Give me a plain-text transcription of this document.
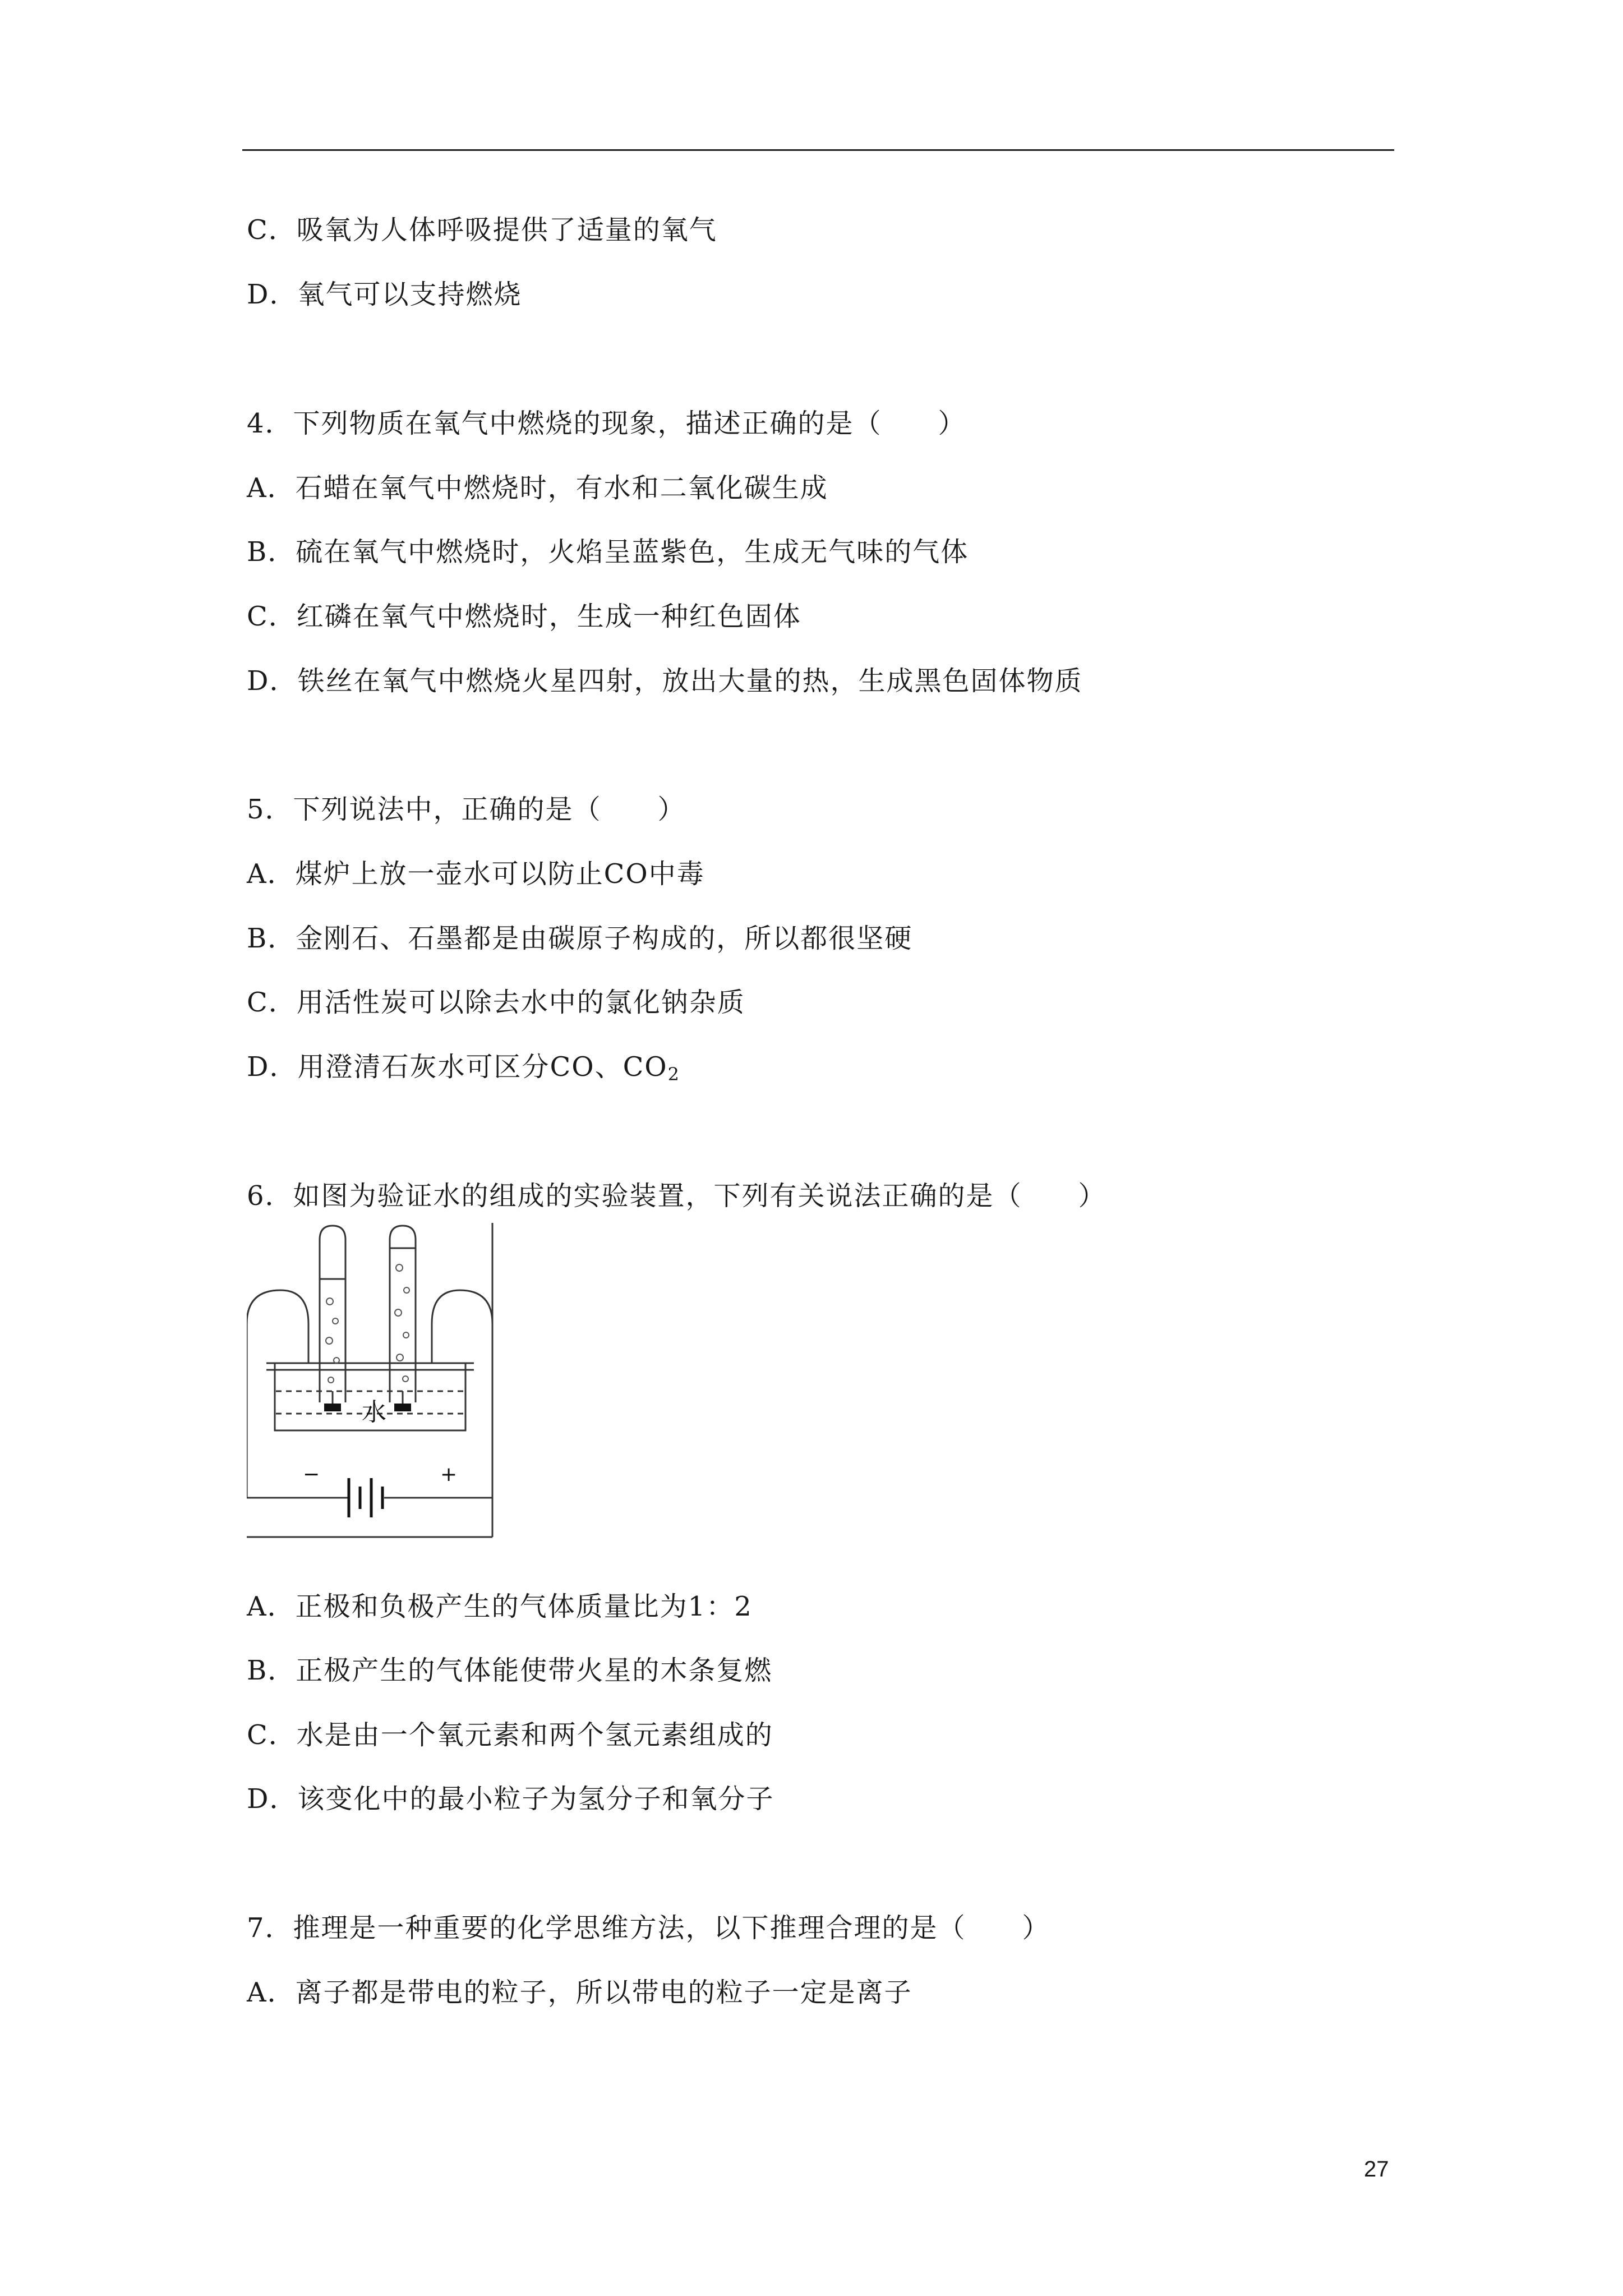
C．吸氧为人体呼吸提供了适量的氧气
D．氧气可以支持燃烧
4．下列物质在氧气中燃烧的现象，描述正确的是（　　）
A．石蜡在氧气中燃烧时，有水和二氧化碳生成
B．硫在氧气中燃烧时，火焰呈蓝紫色，生成无气味的气体
C．红磷在氧气中燃烧时，生成一种红色固体
D．铁丝在氧气中燃烧火星四射，放出大量的热，生成黑色固体物质
5．下列说法中，正确的是（　　）
A．煤炉上放一壶水可以防止CO中毒
B．金刚石、石墨都是由碳原子构成的，所以都很坚硬
C．用活性炭可以除去水中的氯化钠杂质
6．如图为验证水的组成的实验装置，下列有关说法正确的是（　　）
A．正极和负极产生的气体质量比为1：2
B．正极产生的气体能使带火星的木条复燃
C．水是由一个氧元素和两个氢元素组成的
D．该变化中的最小粒子为氢分子和氧分子
7．推理是一种重要的化学思维方法，以下推理合理的是（　　）
A．离子都是带电的粒子，所以带电的粒子一定是离子
D．用澄清石灰水可区分CO、$CO_2$
水
−	+
27
